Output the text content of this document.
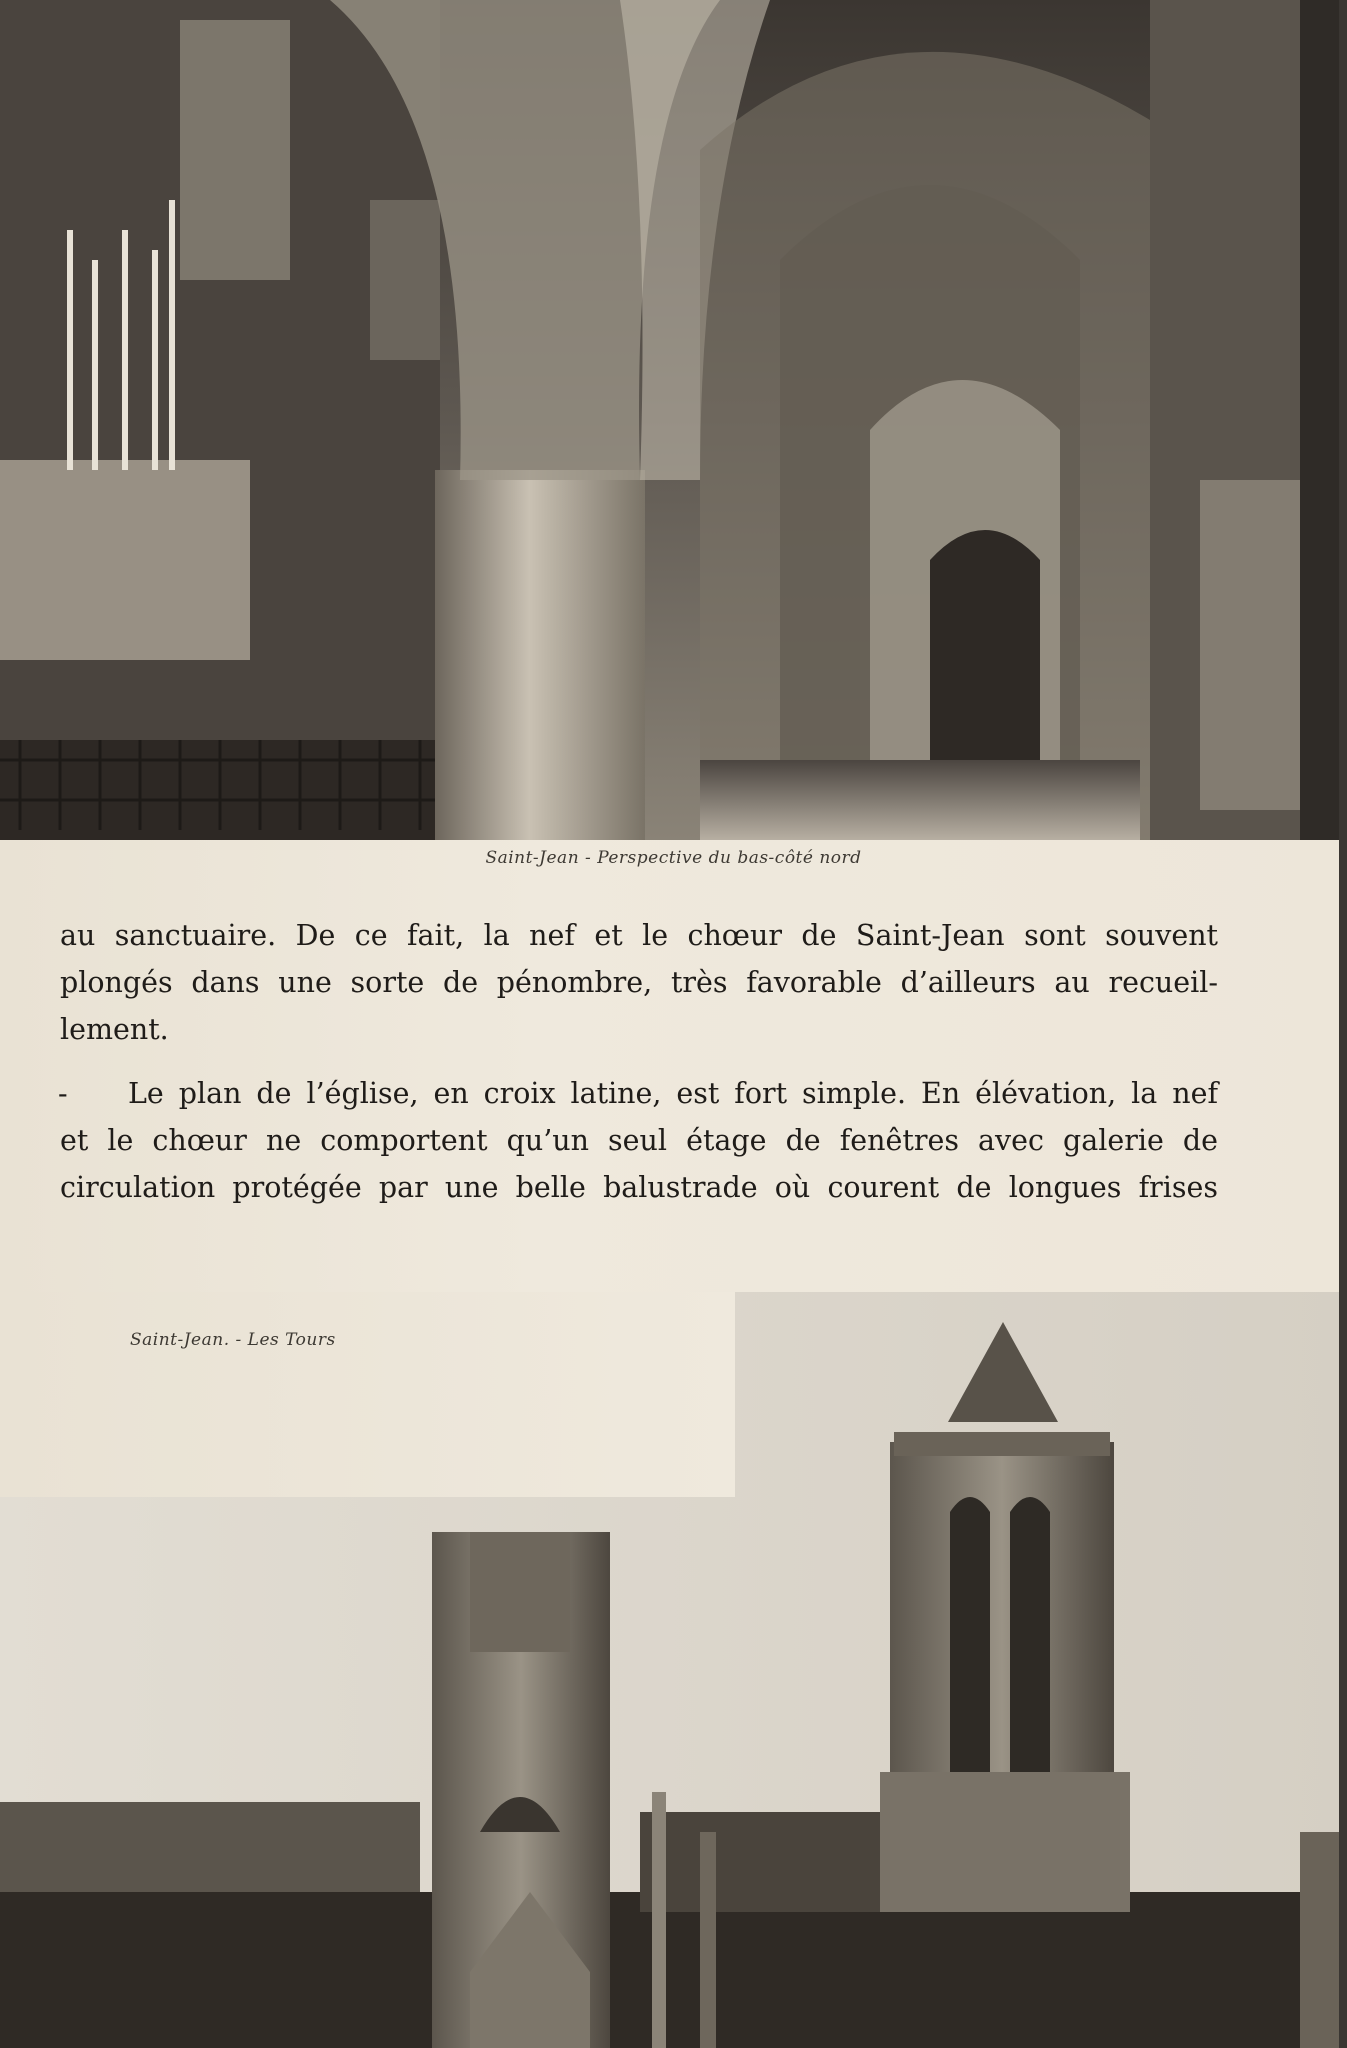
Saint-Jean - Perspective du bas-côté nord
au sanctuaire. De ce fait, la nef et le chœur de Saint-Jean sont souvent
plongés dans une sorte de pénombre, très favorable d’ailleurs au recueil-
lement.
-	Le plan de l’église, en croix latine, est fort simple. En élévation, la nef
et le chœur ne comportent qu’un seul étage de fenêtres avec galerie de
circulation protégée par une belle balustrade où courent de longues frises
Saint-Jean. - Les Tours
